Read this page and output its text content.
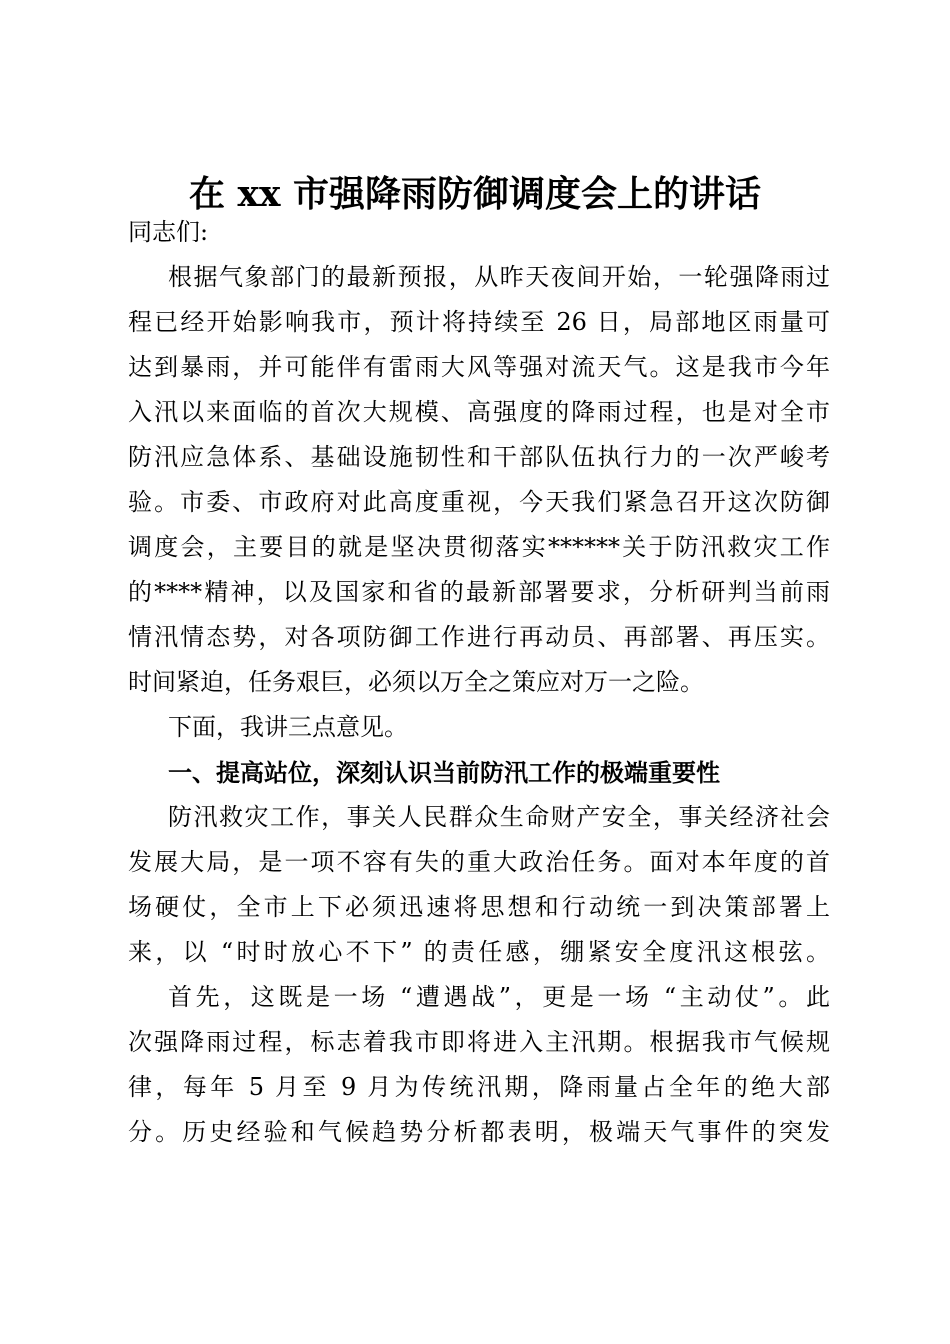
在 xx 市强降雨防御调度会上的讲话
同志们:
根据气象部门的最新预报，从昨天夜间开始，一轮强降雨过
程已经开始影响我市，预计将持续至 26 日，局部地区雨量可
达到暴雨，并可能伴有雷雨大风等强对流天气。这是我市今年
入汛以来面临的首次大规模、高强度的降雨过程，也是对全市
防汛应急体系、基础设施韧性和干部队伍执行力的一次严峻考
验。市委、市政府对此高度重视，今天我们紧急召开这次防御
调度会，主要目的就是坚决贯彻落实******关于防汛救灾工作
的****精神，以及国家和省的最新部署要求，分析研判当前雨
情汛情态势，对各项防御工作进行再动员、再部署、再压实。
时间紧迫，任务艰巨，必须以万全之策应对万一之险。
下面，我讲三点意见。
一、提高站位，深刻认识当前防汛工作的极端重要性
防汛救灾工作，事关人民群众生命财产安全，事关经济社会
发展大局，是一项不容有失的重大政治任务。面对本年度的首
场硬仗，全市上下必须迅速将思想和行动统一到决策部署上
来，以 “时时放心不下” 的责任感，绷紧安全度汛这根弦。
首先，这既是一场 “遭遇战”，更是一场 “主动仗”。此
次强降雨过程，标志着我市即将进入主汛期。根据我市气候规
律，每年 5 月至 9 月为传统汛期，降雨量占全年的绝大部
分。历史经验和气候趋势分析都表明，极端天气事件的突发
